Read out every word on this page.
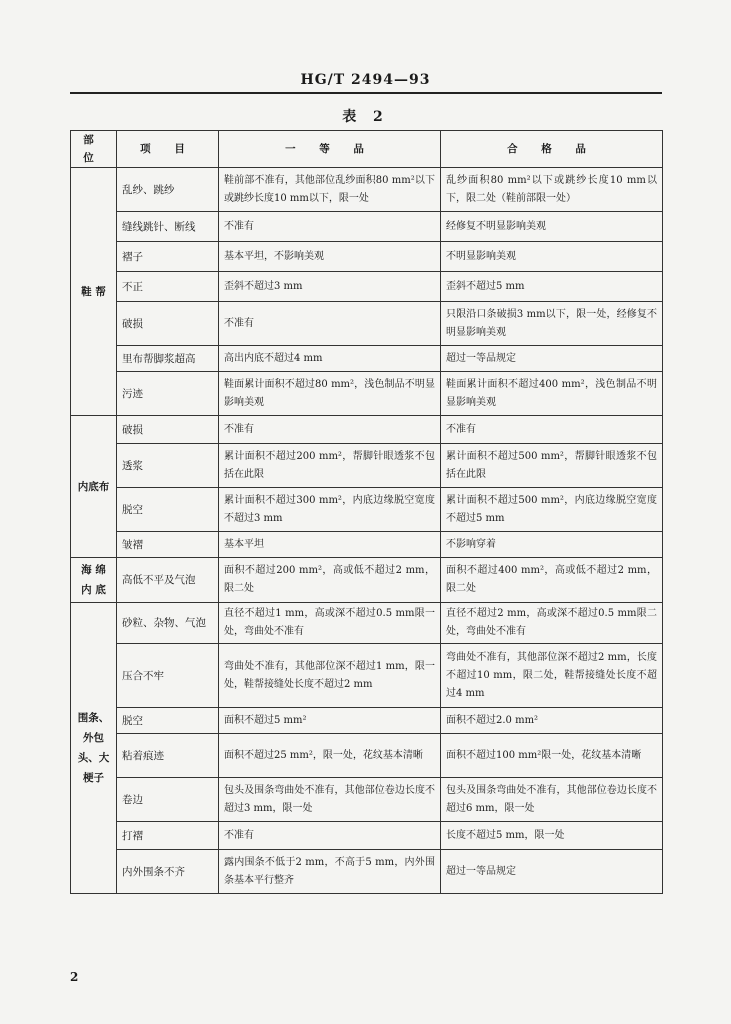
HG/T 2494—93
表 2
部 位	项 目	一 等 品	合 格 品
鞋 帮	乱纱、跳纱	鞋前部不准有，其他部位乱纱面积80 mm²以下或跳纱长度10 mm以下，限一处	乱纱面积80 mm²以下或跳纱长度10 mm以下，限二处（鞋前部限一处）
	缝线跳针、断线	不准有	经修复不明显影响美观
	褶子	基本平坦，不影响美观	不明显影响美观
	不正	歪斜不超过3 mm	歪斜不超过5 mm
	破损	不准有	只限沿口条破损3 mm以下，限一处，经修复不明显影响美观
	里布帮脚浆超高	高出内底不超过4 mm	超过一等品规定
	污迹	鞋面累计面积不超过80 mm²，浅色制品不明显影响美观	鞋面累计面积不超过400 mm²，浅色制品不明显影响美观
内底布	破损	不准有	不准有
	透浆	累计面积不超过200 mm²，帮脚针眼透浆不包括在此限	累计面积不超过500 mm²，帮脚针眼透浆不包括在此限
	脱空	累计面积不超过300 mm²，内底边缘脱空宽度不超过3 mm	累计面积不超过500 mm²，内底边缘脱空宽度不超过5 mm
	皱褶	基本平坦	不影响穿着
海 绵 内 底	高低不平及气泡	面积不超过200 mm²，高或低不超过2 mm，限二处	面积不超过400 mm²，高或低不超过2 mm，限二处
围条、外包头、大梗子	砂粒、杂物、气泡	直径不超过1 mm，高或深不超过0.5 mm限一处，弯曲处不准有	直径不超过2 mm，高或深不超过0.5 mm限二处，弯曲处不准有
	压合不牢	弯曲处不准有，其他部位深不超过1 mm，限一处，鞋帮接缝处长度不超过2 mm	弯曲处不准有，其他部位深不超过2 mm，长度不超过10 mm，限二处，鞋帮接缝处长度不超过4 mm
	脱空	面积不超过5 mm²	面积不超过2.0 mm²
	粘着痕迹	面积不超过25 mm²，限一处，花纹基本清晰	面积不超过100 mm²限一处，花纹基本清晰
	卷边	包头及围条弯曲处不准有，其他部位卷边长度不超过3 mm，限一处	包头及围条弯曲处不准有，其他部位卷边长度不超过6 mm，限一处
	打褶	不准有	长度不超过5 mm，限一处
	内外围条不齐	露内围条不低于2 mm，不高于5 mm，内外围条基本平行整齐	超过一等品规定
2
